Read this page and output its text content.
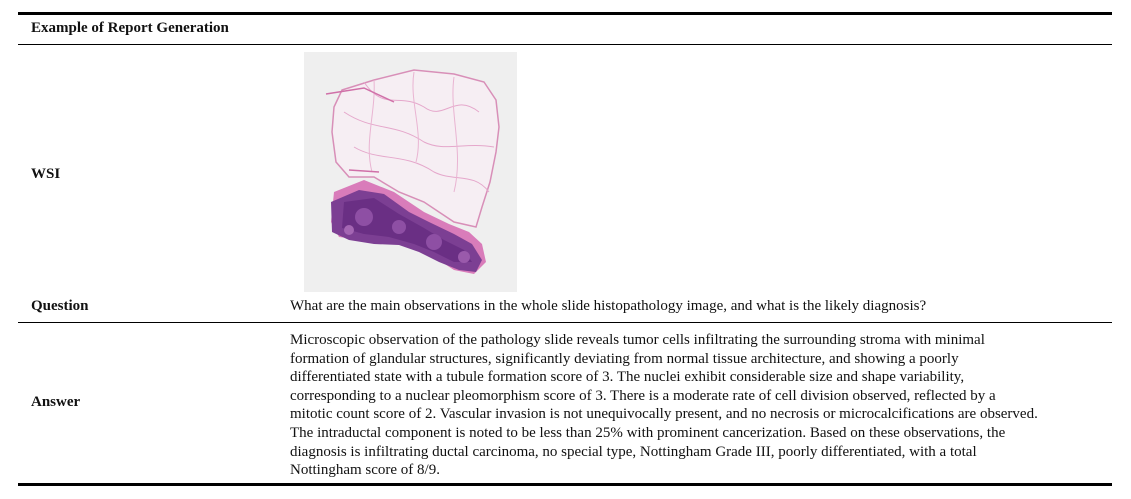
Example of Report Generation
WSI
Question	What are the main observations in the whole slide histopathology image, and what is the likely diagnosis?
Answer
Microscopic observation of the pathology slide reveals tumor cells infiltrating the surrounding stroma with minimal
formation of glandular structures, significantly deviating from normal tissue architecture, and showing a poorly
differentiated state with a tubule formation score of 3. The nuclei exhibit considerable size and shape variability,
corresponding to a nuclear pleomorphism score of 3. There is a moderate rate of cell division observed, reflected by a
mitotic count score of 2. Vascular invasion is not unequivocally present, and no necrosis or microcalcifications are observed.
The intraductal component is noted to be less than 25% with prominent cancerization. Based on these observations, the
diagnosis is infiltrating ductal carcinoma, no special type, Nottingham Grade III, poorly differentiated, with a total
Nottingham score of 8/9.
